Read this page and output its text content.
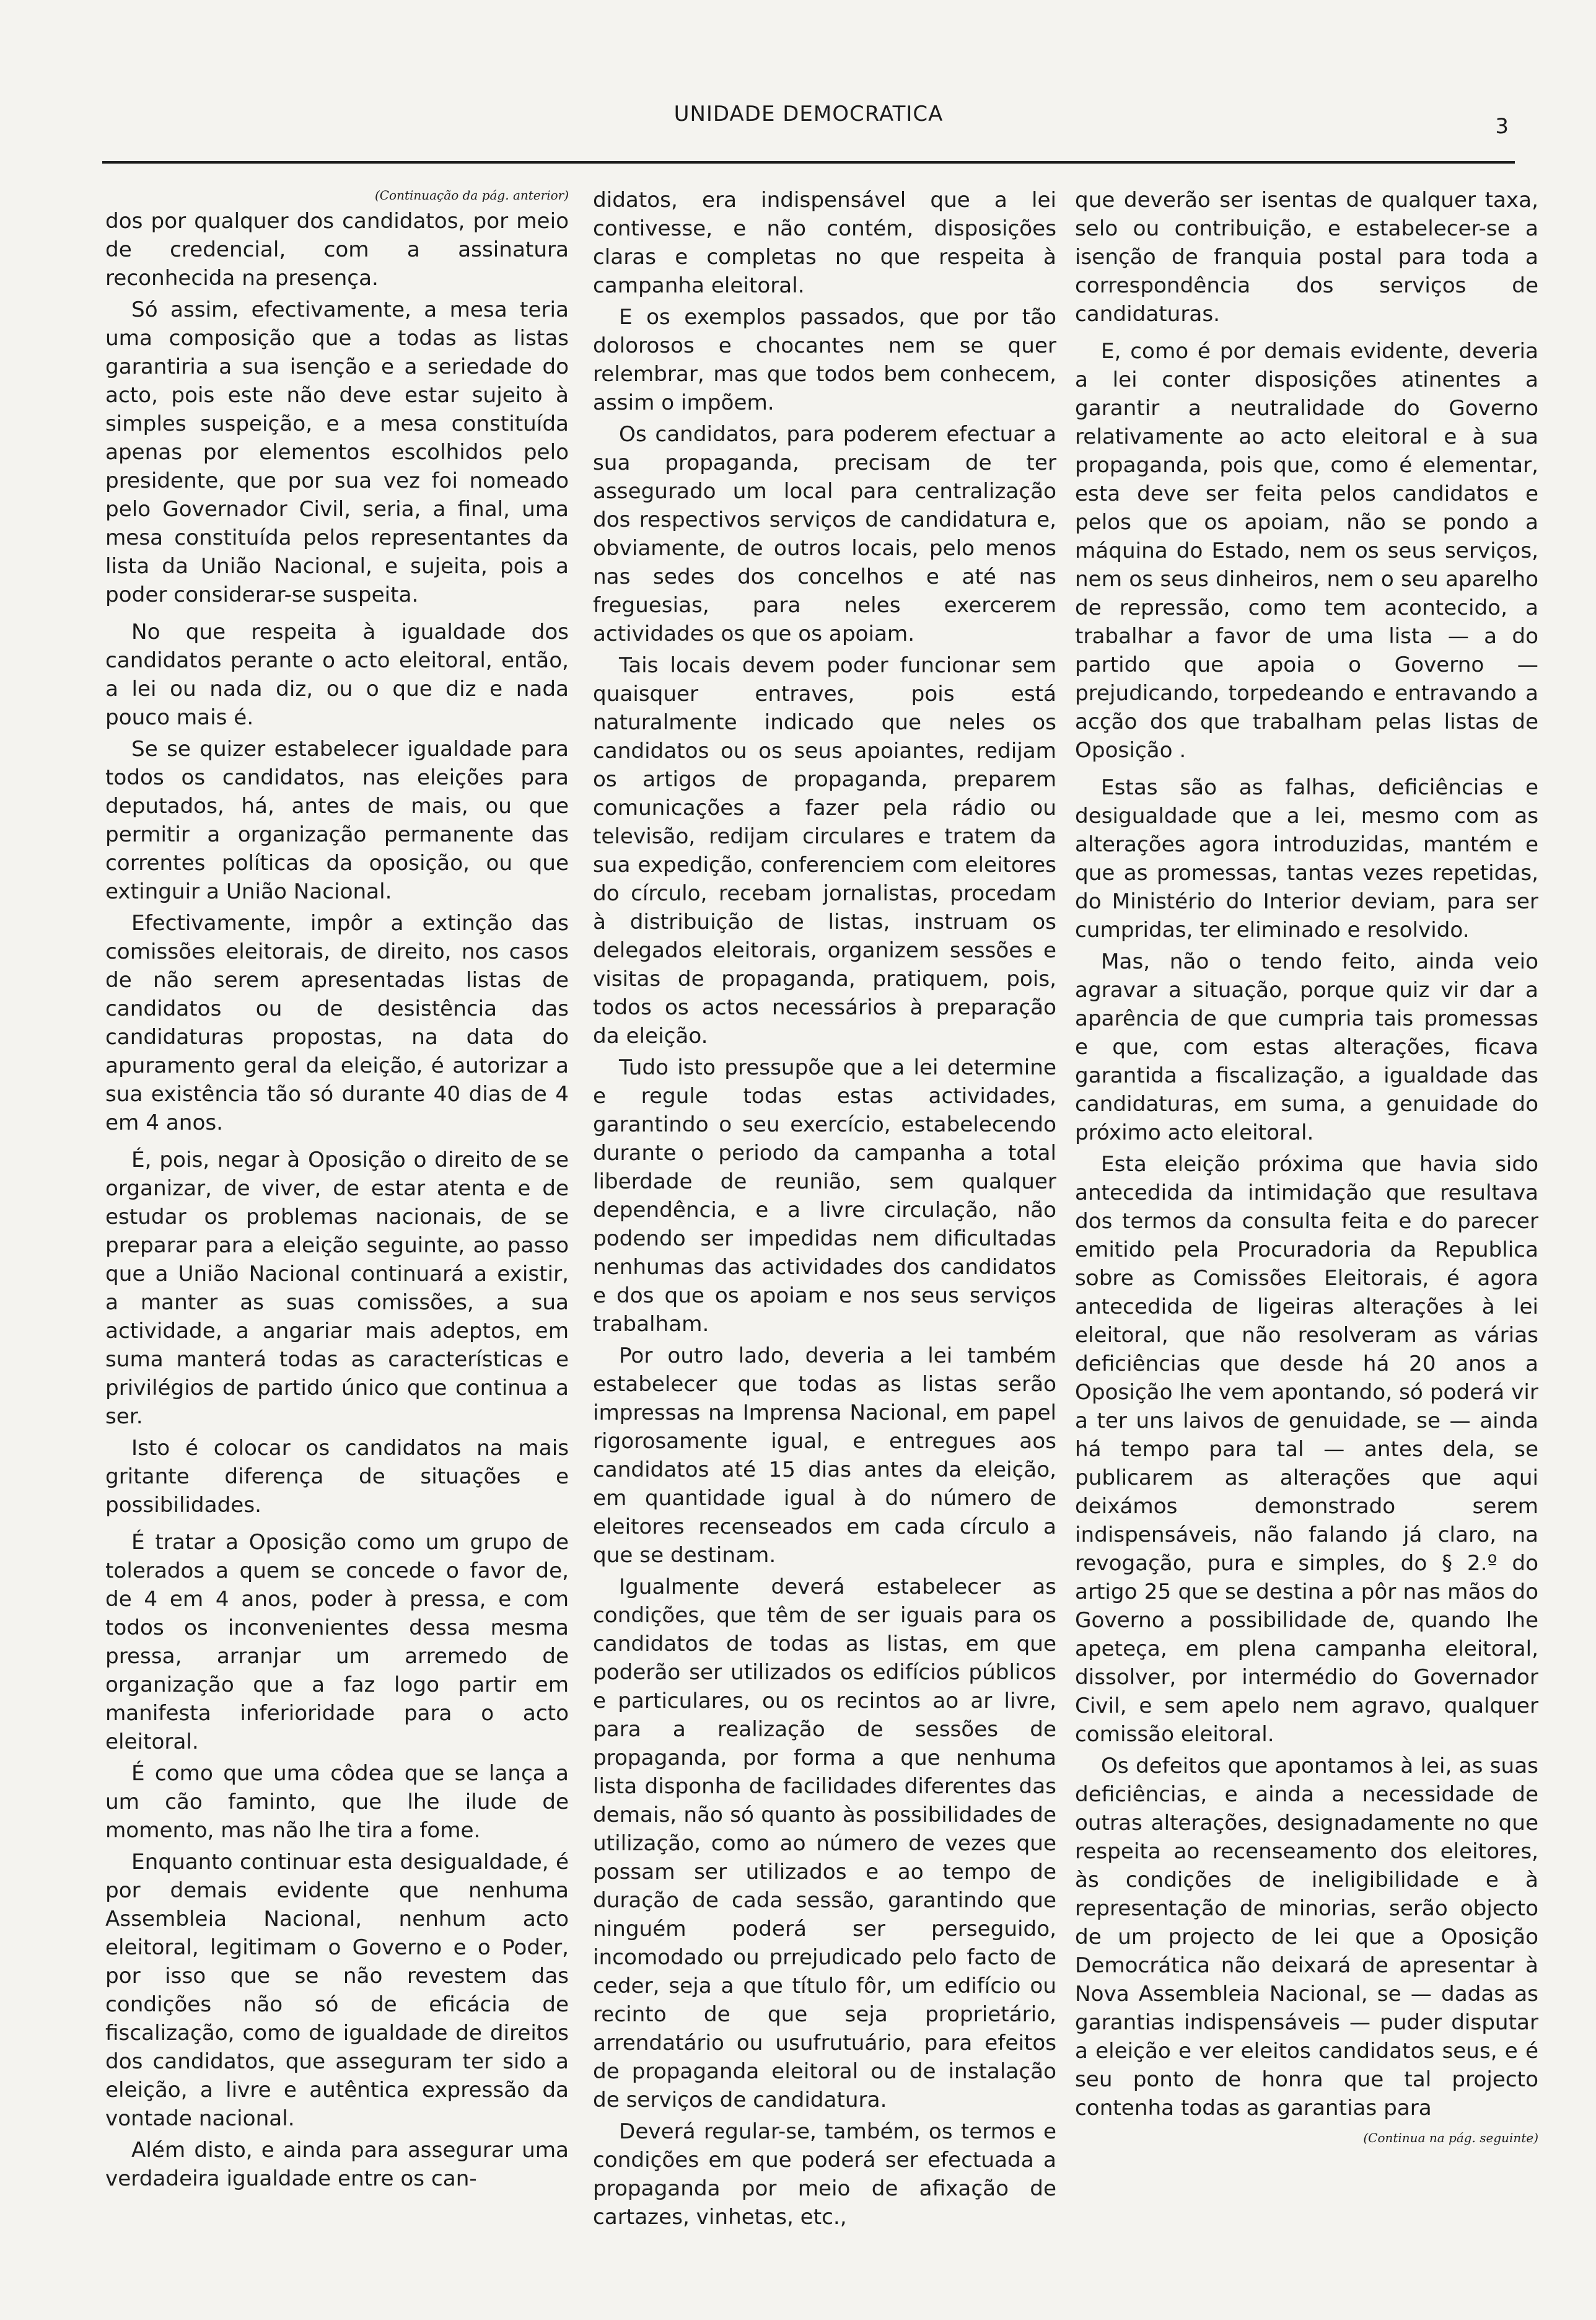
UNIDADE DEMOCRATICA	3
(Continuação da pág. anterior)

dos por qualquer dos candidatos, por meio de credencial, com a assinatura reconhecida na presença.

Só assim, efectivamente, a mesa teria uma composição que a todas as listas garantiria a sua isenção e a seriedade do acto, pois este não deve estar sujeito à simples suspeição, e a mesa constituída apenas por elementos escolhidos pelo presidente, que por sua vez foi nomeado pelo Governador Civil, seria, a final, uma mesa constituída pelos representantes da lista da União Nacional, e sujeita, pois a poder considerar-se suspeita.

No que respeita à igualdade dos candidatos perante o acto eleitoral, então, a lei ou nada diz, ou o que diz e nada pouco mais é.

Se se quizer estabelecer igualdade para todos os candidatos, nas eleições para deputados, há, antes de mais, ou que permitir a organização permanente das correntes políticas da oposição, ou que extinguir a União Nacional.

Efectivamente, impôr a extinção das comissões eleitorais, de direito, nos casos de não serem apresentadas listas de candidatos ou de desistência das candidaturas propostas, na data do apuramento geral da eleição, é autorizar a sua existência tão só durante 40 dias de 4 em 4 anos.

É, pois, negar à Oposição o direito de se organizar, de viver, de estar atenta e de estudar os problemas nacionais, de se preparar para a eleição seguinte, ao passo que a União Nacional continuará a existir, a manter as suas comissões, a sua actividade, a angariar mais adeptos, em suma manterá todas as características e privilégios de partido único que continua a ser.

Isto é colocar os candidatos na mais gritante diferença de situações e possibilidades.

É tratar a Oposição como um grupo de tolerados a quem se concede o favor de, de 4 em 4 anos, poder à pressa, e com todos os inconvenientes dessa mesma pressa, arranjar um arremedo de organização que a faz logo partir em manifesta inferioridade para o acto eleitoral.

É como que uma côdea que se lança a um cão faminto, que lhe ilude de momento, mas não lhe tira a fome.

Enquanto continuar esta desigualdade, é por demais evidente que nenhuma Assembleia Nacional, nenhum acto eleitoral, legitimam o Governo e o Poder, por isso que se não revestem das condições não só de eficácia de fiscalização, como de igualdade de direitos dos candidatos, que asseguram ter sido a eleição, a livre e autêntica expressão da vontade nacional.

Além disto, e ainda para assegurar uma verdadeira igualdade entre os can-

didatos, era indispensável que a lei contivesse, e não contém, disposições claras e completas no que respeita à campanha eleitoral.

E os exemplos passados, que por tão dolorosos e chocantes nem se quer relembrar, mas que todos bem conhecem, assim o impõem.

Os candidatos, para poderem efectuar a sua propaganda, precisam de ter assegurado um local para centralização dos respectivos serviços de candidatura e, obviamente, de outros locais, pelo menos nas sedes dos concelhos e até nas freguesias, para neles exercerem actividades os que os apoiam.

Tais locais devem poder funcionar sem quaisquer entraves, pois está naturalmente indicado que neles os candidatos ou os seus apoiantes, redijam os artigos de propaganda, preparem comunicações a fazer pela rádio ou televisão, redijam circulares e tratem da sua expedição, conferenciem com eleitores do círculo, recebam jornalistas, procedam à distribuição de listas, instruam os delegados eleitorais, organizem sessões e visitas de propaganda, pratiquem, pois, todos os actos necessários à preparação da eleição.

Tudo isto pressupõe que a lei determine e regule todas estas actividades, garantindo o seu exercício, estabelecendo durante o periodo da campanha a total liberdade de reunião, sem qualquer dependência, e a livre circulação, não podendo ser impedidas nem dificultadas nenhumas das actividades dos candidatos e dos que os apoiam e nos seus serviços trabalham.

Por outro lado, deveria a lei também estabelecer que todas as listas serão impressas na Imprensa Nacional, em papel rigorosamente igual, e entregues aos candidatos até 15 dias antes da eleição, em quantidade igual à do número de eleitores recenseados em cada círculo a que se destinam.

Igualmente deverá estabelecer as condições, que têm de ser iguais para os candidatos de todas as listas, em que poderão ser utilizados os edifícios públicos e particulares, ou os recintos ao ar livre, para a realização de sessões de propaganda, por forma a que nenhuma lista disponha de facilidades diferentes das demais, não só quanto às possibilidades de utilização, como ao número de vezes que possam ser utilizados e ao tempo de duração de cada sessão, garantindo que ninguém poderá ser perseguido, incomodado ou prrejudicado pelo facto de ceder, seja a que título fôr, um edifício ou recinto de que seja proprietário, arrendatário ou usufrutuário, para efeitos de propaganda eleitoral ou de instalação de serviços de candidatura.

Deverá regular-se, também, os termos e condições em que poderá ser efectuada a propaganda por meio de afixação de cartazes, vinhetas, etc.,

que deverão ser isentas de qualquer taxa, selo ou contribuição, e estabelecer-se a isenção de franquia postal para toda a correspondência dos serviços de candidaturas.

E, como é por demais evidente, deveria a lei conter disposições atinentes a garantir a neutralidade do Governo relativamente ao acto eleitoral e à sua propaganda, pois que, como é elementar, esta deve ser feita pelos candidatos e pelos que os apoiam, não se pondo a máquina do Estado, nem os seus serviços, nem os seus dinheiros, nem o seu aparelho de repressão, como tem acontecido, a trabalhar a favor de uma lista — a do partido que apoia o Governo — prejudicando, torpedeando e entravando a acção dos que trabalham pelas listas de Oposição .

Estas são as falhas, deficiências e desigualdade que a lei, mesmo com as alterações agora introduzidas, mantém e que as promessas, tantas vezes repetidas, do Ministério do Interior deviam, para ser cumpridas, ter eliminado e resolvido.

Mas, não o tendo feito, ainda veio agravar a situação, porque quiz vir dar a aparência de que cumpria tais promessas e que, com estas alterações, ficava garantida a fiscalização, a igualdade das candidaturas, em suma, a genuidade do próximo acto eleitoral.

Esta eleição próxima que havia sido antecedida da intimidação que resultava dos termos da consulta feita e do parecer emitido pela Procuradoria da Republica sobre as Comissões Eleitorais, é agora antecedida de ligeiras alterações à lei eleitoral, que não resolveram as várias deficiências que desde há 20 anos a Oposição lhe vem apontando, só poderá vir a ter uns laivos de genuidade, se — ainda há tempo para tal — antes dela, se publicarem as alterações que aqui deixámos demonstrado serem indispensáveis, não falando já claro, na revogação, pura e simples, do § 2.º do artigo 25 que se destina a pôr nas mãos do Governo a possibilidade de, quando lhe apeteça, em plena campanha eleitoral, dissolver, por intermédio do Governador Civil, e sem apelo nem agravo, qualquer comissão eleitoral.

Os defeitos que apontamos à lei, as suas deficiências, e ainda a necessidade de outras alterações, designadamente no que respeita ao recenseamento dos eleitores, às condições de ineligibilidade e à representação de minorias, serão objecto de um projecto de lei que a Oposição Democrática não deixará de apresentar à Nova Assembleia Nacional, se — dadas as garantias indispensáveis — puder disputar a eleição e ver eleitos candidatos seus, e é seu ponto de honra que tal projecto contenha todas as garantias para

(Continua na pág. seguinte)
